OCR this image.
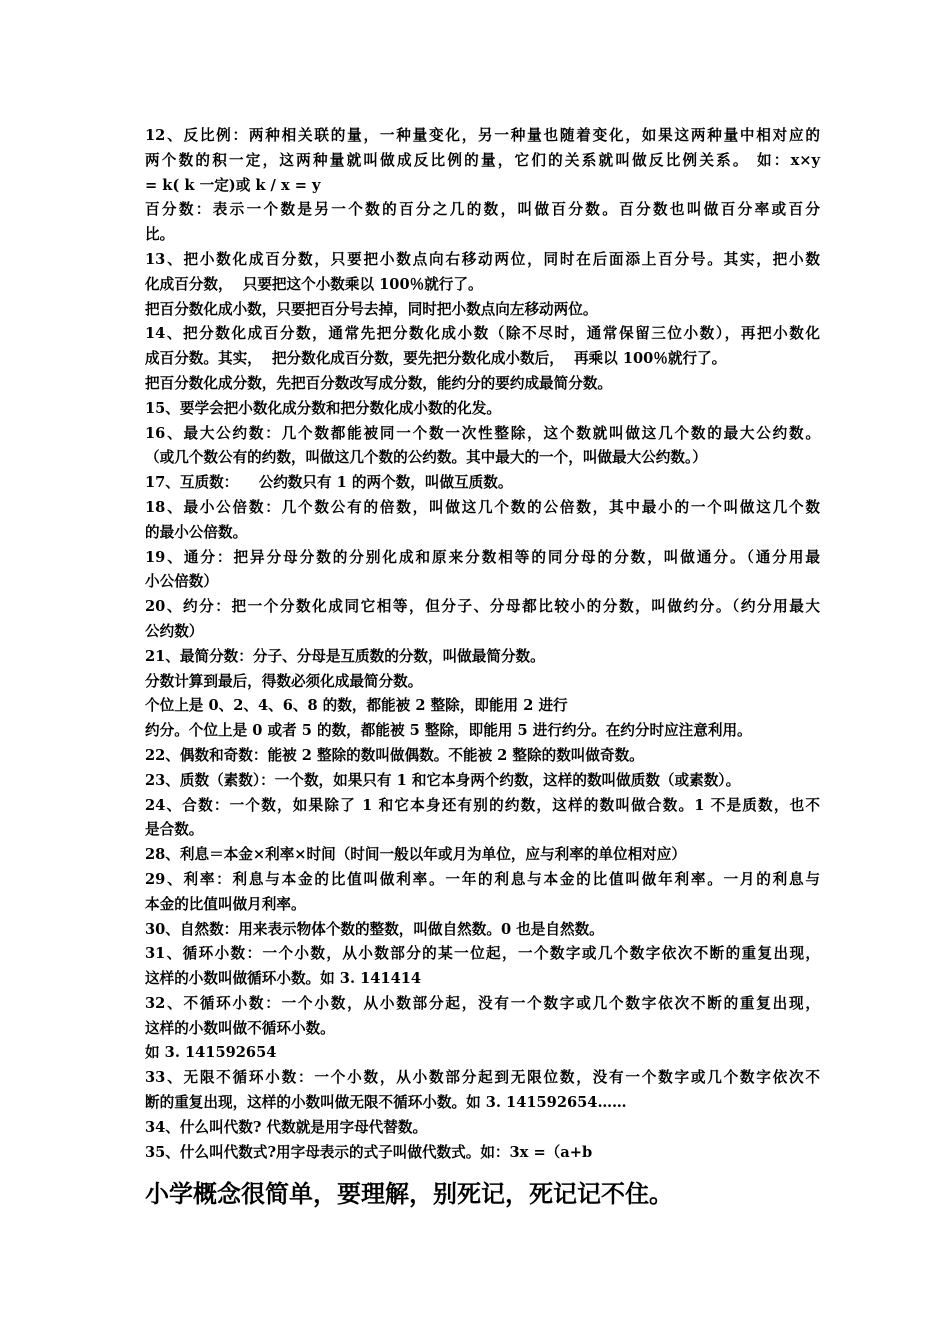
12、反比例：两种相关联的量，一种量变化，另一种量也随着变化，如果这两种量中相对应的
两个数的积一定，这两种量就叫做成反比例的量，它们的关系就叫做反比例关系。 如：x×y
= k( k 一定)或 k / x = y
百分数：表示一个数是另一个数的百分之几的数，叫做百分数。百分数也叫做百分率或百分
比。
13、把小数化成百分数，只要把小数点向右移动两位，同时在后面添上百分号。其实，把小数
化成百分数，  只要把这个小数乘以 100％就行了。
把百分数化成小数，只要把百分号去掉，同时把小数点向左移动两位。
14、把分数化成百分数，通常先把分数化成小数（除不尽时，通常保留三位小数），再把小数化
成百分数。其实，  把分数化成百分数，要先把分数化成小数后，  再乘以 100％就行了。
把百分数化成分数，先把百分数改写成分数，能约分的要约成最简分数。
15、要学会把小数化成分数和把分数化成小数的化发。
16、最大公约数：几个数都能被同一个数一次性整除，这个数就叫做这几个数的最大公约数。
（或几个数公有的约数，叫做这几个数的公约数。其中最大的一个，叫做最大公约数。）
17、互质数：    公约数只有 1 的两个数，叫做互质数。
18、最小公倍数：几个数公有的倍数，叫做这几个数的公倍数，其中最小的一个叫做这几个数
的最小公倍数。
19、通分：把异分母分数的分别化成和原来分数相等的同分母的分数，叫做通分。（通分用最
小公倍数）
20、约分：把一个分数化成同它相等，但分子、分母都比较小的分数，叫做约分。（约分用最大
公约数）
21、最简分数：分子、分母是互质数的分数，叫做最简分数。
分数计算到最后，得数必须化成最简分数。
个位上是 0、2、4、6、8 的数，都能被 2 整除，即能用 2 进行
约分。个位上是 0 或者 5 的数，都能被 5 整除，即能用 5 进行约分。在约分时应注意利用。
22、偶数和奇数：能被 2 整除的数叫做偶数。不能被 2 整除的数叫做奇数。
23、质数（素数）：一个数，如果只有 1 和它本身两个约数，这样的数叫做质数（或素数）。
24、合数：一个数，如果除了 1 和它本身还有别的约数，这样的数叫做合数。1 不是质数，也不
是合数。
28、利息＝本金×利率×时间（时间一般以年或月为单位，应与利率的单位相对应）
29、利率：利息与本金的比值叫做利率。一年的利息与本金的比值叫做年利率。一月的利息与
本金的比值叫做月利率。
30、自然数：用来表示物体个数的整数，叫做自然数。0 也是自然数。
31、循环小数：一个小数，从小数部分的某一位起，一个数字或几个数字依次不断的重复出现，
这样的小数叫做循环小数。如 3. 141414
32、不循环小数：一个小数，从小数部分起，没有一个数字或几个数字依次不断的重复出现，
这样的小数叫做不循环小数。
如 3. 141592654
33、无限不循环小数：一个小数，从小数部分起到无限位数，没有一个数字或几个数字依次不
断的重复出现，这样的小数叫做无限不循环小数。如 3. 141592654……
34、什么叫代数? 代数就是用字母代替数。
35、什么叫代数式?用字母表示的式子叫做代数式。如：3x =（a+b
小学概念很简单，要理解，别死记，死记记不住。
